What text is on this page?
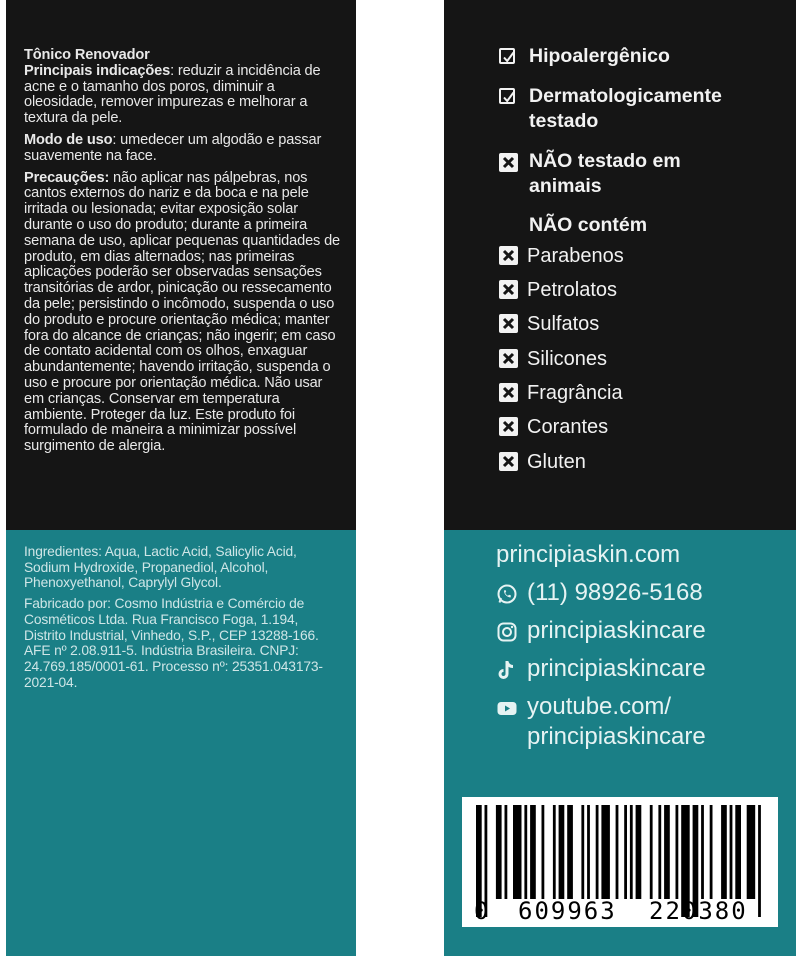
Tônico Renovador
Principais indicações: reduzir a incidência de acne e o tamanho dos poros, diminuir a oleosidade, remover impurezas e melhorar a textura da pele.

Modo de uso: umedecer um algodão e passar suavemente na face.

Precauções: não aplicar nas pálpebras, nos cantos externos do nariz e da boca e na pele irritada ou lesionada; evitar exposição solar durante o uso do produto; durante a primeira semana de uso, aplicar pequenas quantidades de produto, em dias alternados; nas primeiras aplicações poderão ser observadas sensações transitórias de ardor, pinicação ou ressecamento da pele; persistindo o incômodo, suspenda o uso do produto e procure orientação médica; manter fora do alcance de crianças; não ingerir; em caso de contato acidental com os olhos, enxaguar abundantemente; havendo irritação, suspenda o uso e procure por orientação médica. Não usar em crianças. Conservar em temperatura ambiente. Proteger da luz. Este produto foi formulado de maneira a minimizar possível surgimento de alergia.

Ingredientes: Aqua, Lactic Acid, Salicylic Acid, Sodium Hydroxide, Propanediol, Alcohol, Phenoxyethanol, Caprylyl Glycol.

Fabricado por: Cosmo Indústria e Comércio de Cosméticos Ltda. Rua Francisco Foga, 1.194, Distrito Industrial, Vinhedo, S.P., CEP 13288-166. AFE nº 2.08.911-5. Indústria Brasileira. CNPJ: 24.769.185/0001-61. Processo nº: 25351.043173-2021-04.

Hipoalergênico
Dermatologicamente testado
NÃO testado em animais
NÃO contém
Parabenos
Petrolatos
Sulfatos
Silicones
Fragrância
Corantes
Gluten
principiaskin.com
(11) 98926-5168
principiaskincare
principiaskincare
youtube.com/
principiaskincare
0 609963 220380
